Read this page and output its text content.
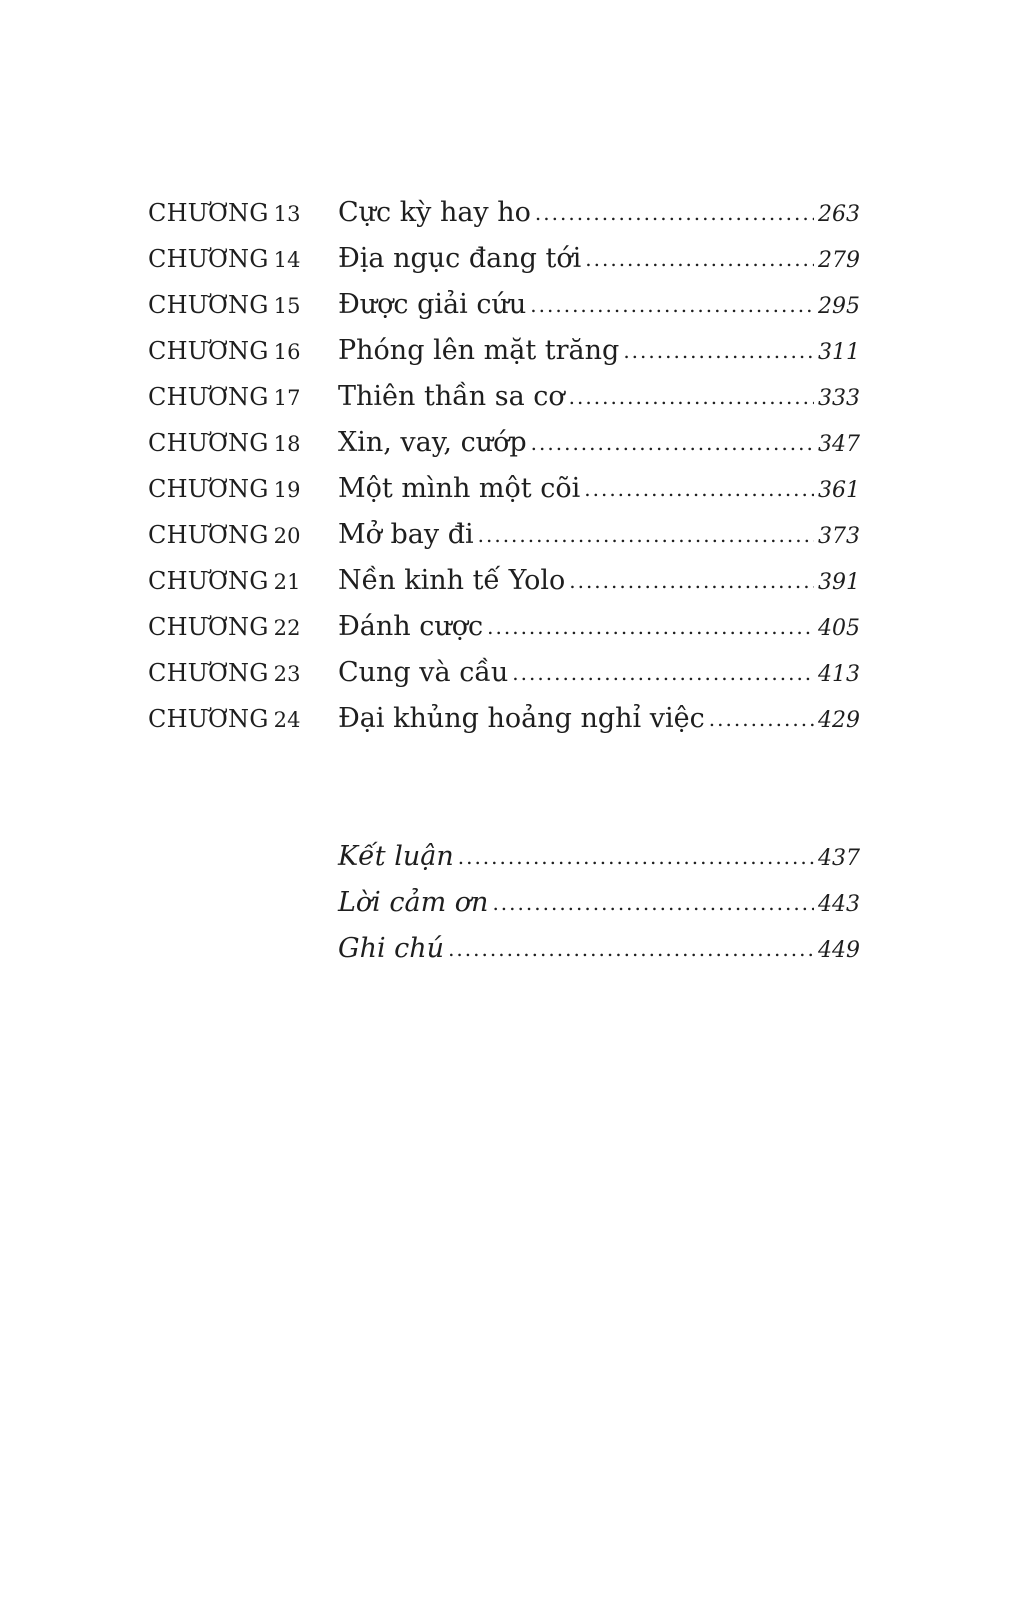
CHƯƠNG 13	Cực kỳ hay ho .....	263
CHƯƠNG 14	Địa ngục đang tới .....	279
CHƯƠNG 15	Được giải cứu .....	295
CHƯƠNG 16	Phóng lên mặt trăng .....	311
CHƯƠNG 17	Thiên thần sa cơ .....	333
CHƯƠNG 18	Xin, vay, cướp .....	347
CHƯƠNG 19	Một mình một cõi .....	361
CHƯƠNG 20	Mở bay đi .....	373
CHƯƠNG 21	Nền kinh tế Yolo .....	391
CHƯƠNG 22	Đánh cược .....	405
CHƯƠNG 23	Cung và cầu .....	413
CHƯƠNG 24	Đại khủng hoảng nghỉ việc .....	429
Kết luận .....	437
Lời cảm ơn .....	443
Ghi chú .....	449
